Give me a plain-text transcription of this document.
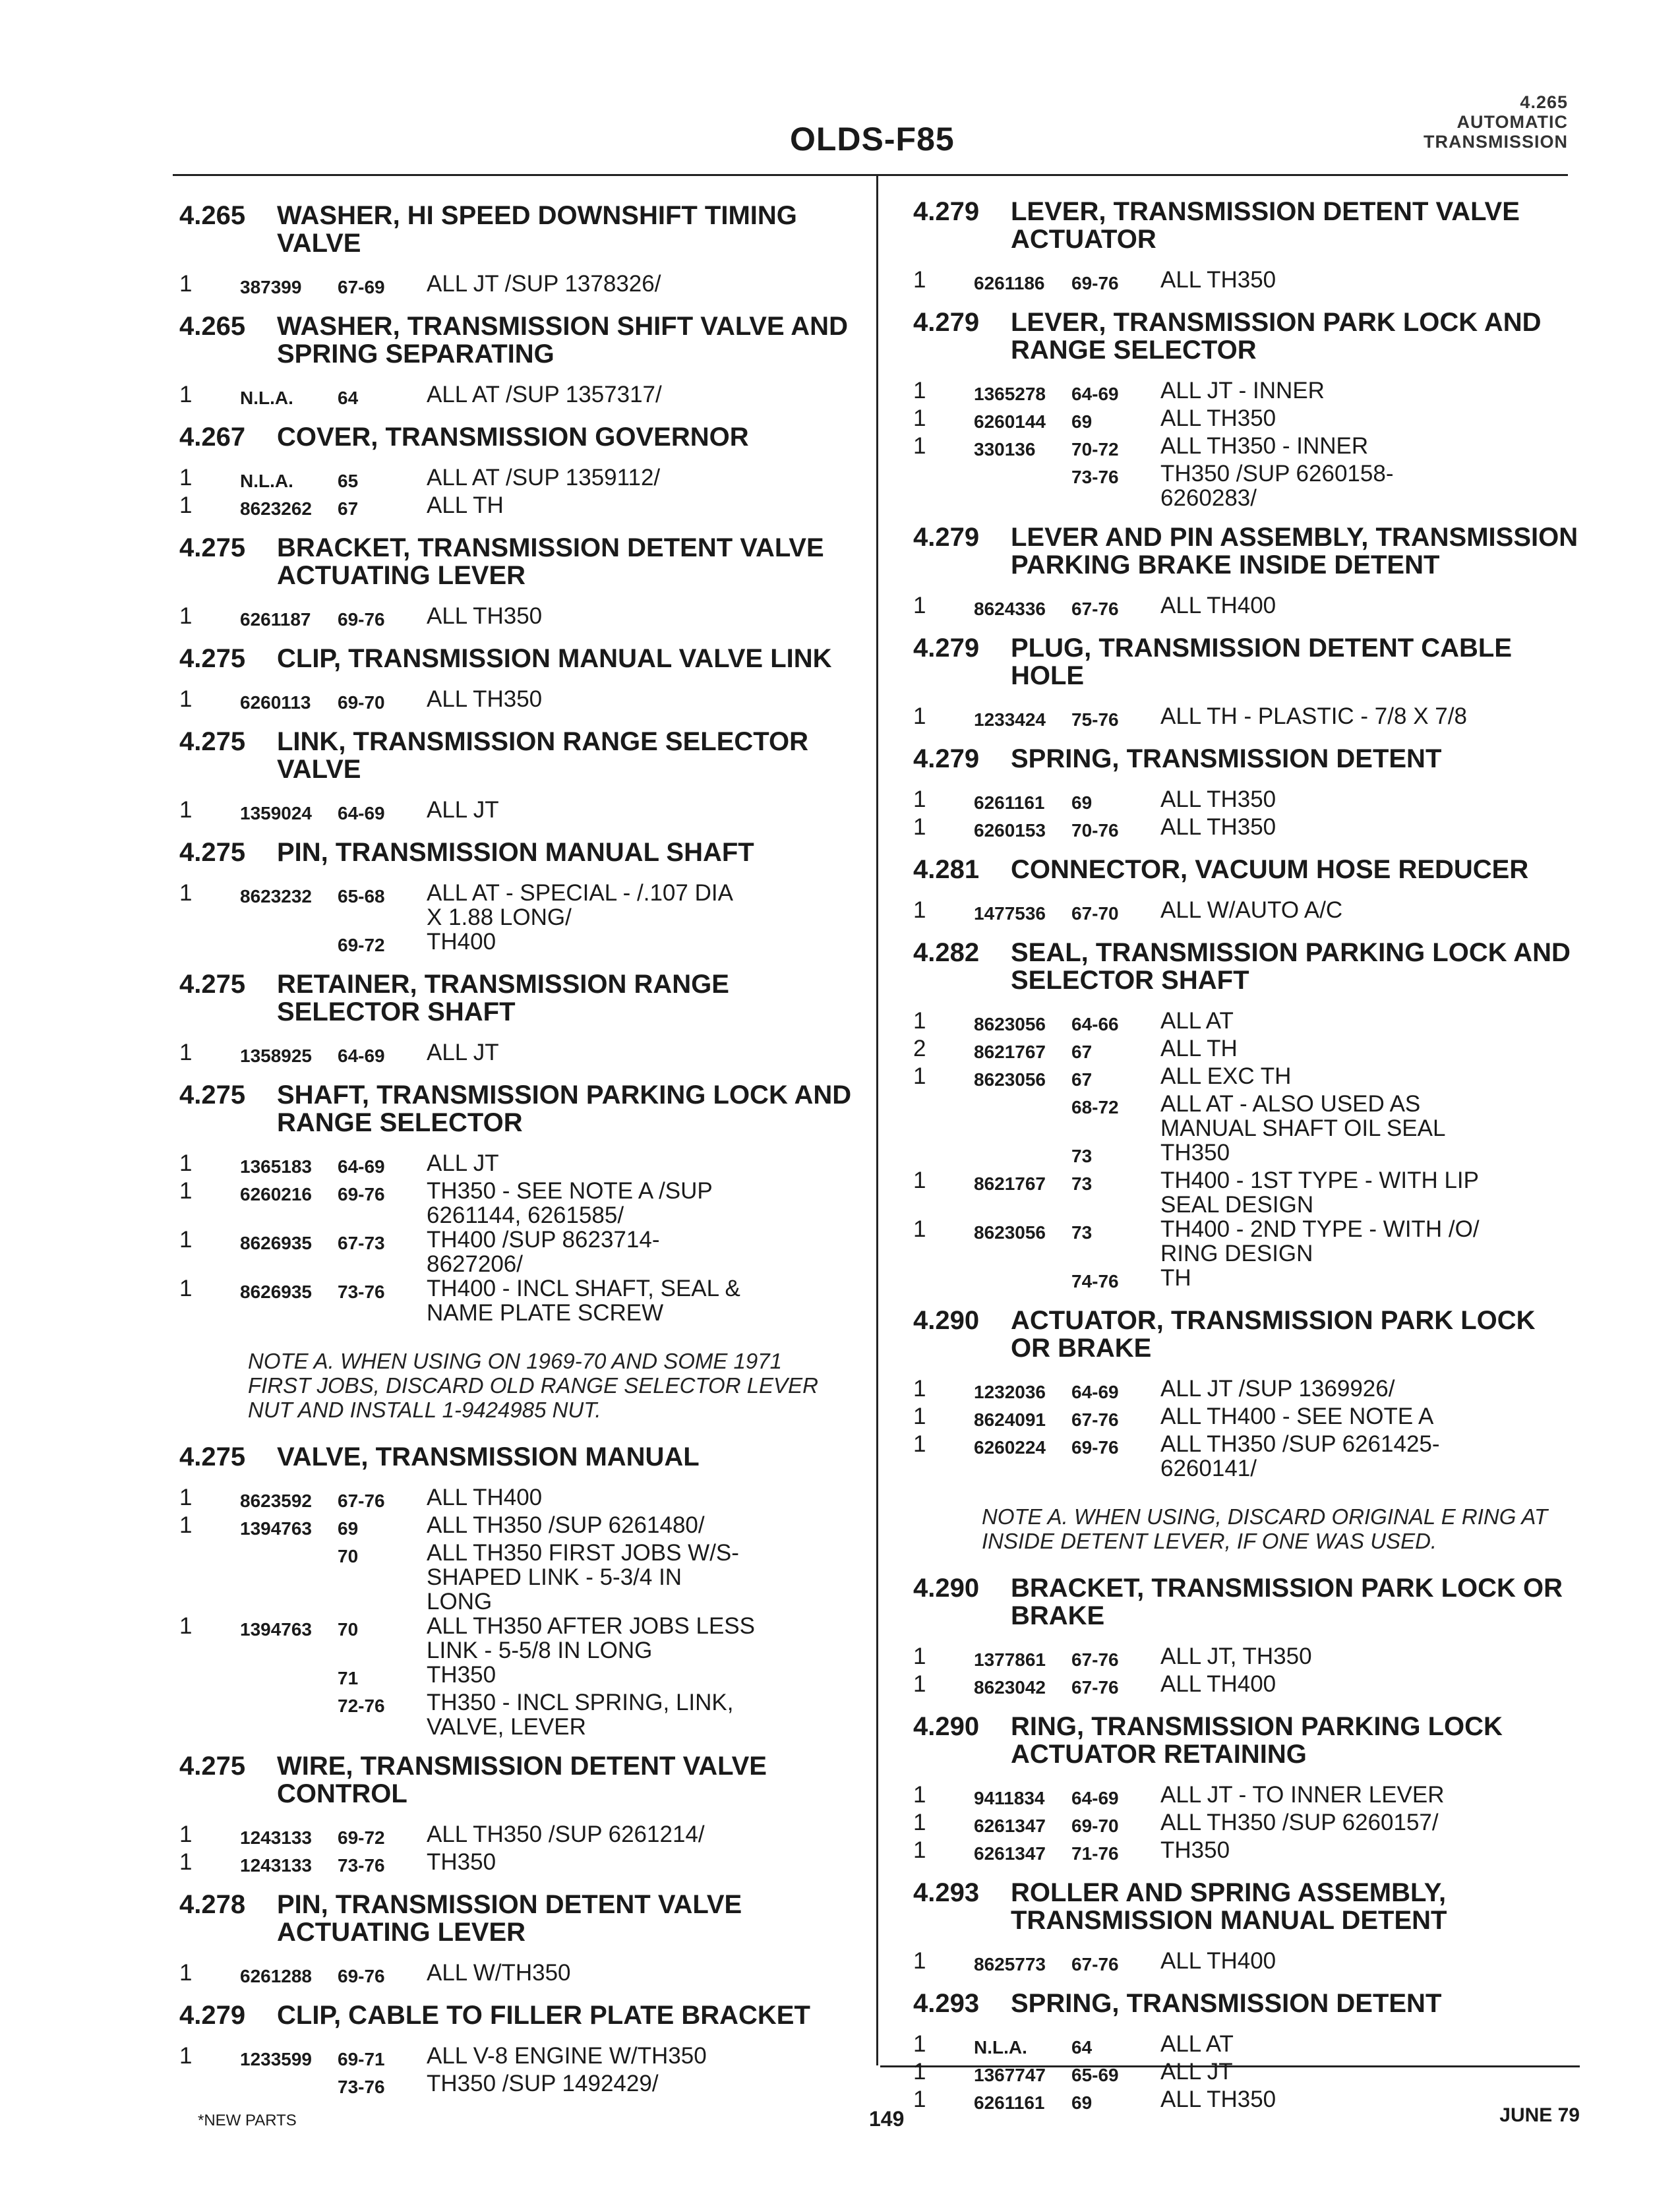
OLDS-F85
4.265
AUTOMATIC
TRANSMISSION
4.265	WASHER, HI SPEED DOWNSHIFT TIMING VALVE
1	387399	67-69	ALL JT /SUP 1378326/
4.265	WASHER, TRANSMISSION SHIFT VALVE AND SPRING SEPARATING
1	N.L.A.	64	ALL AT /SUP 1357317/
4.267	COVER, TRANSMISSION GOVERNOR
1	N.L.A.	65	ALL AT /SUP 1359112/
1	8623262	67	ALL TH
4.275	BRACKET, TRANSMISSION DETENT VALVE ACTUATING LEVER
1	6261187	69-76	ALL TH350
4.275	CLIP, TRANSMISSION MANUAL VALVE LINK
1	6260113	69-70	ALL TH350
4.275	LINK, TRANSMISSION RANGE SELECTOR VALVE
1	1359024	64-69	ALL JT
4.275	PIN, TRANSMISSION MANUAL SHAFT
1	8623232	65-68	ALL AT - SPECIAL - /.107 DIA
X 1.88 LONG/
69-72	TH400
4.275	RETAINER, TRANSMISSION RANGE SELECTOR SHAFT
1	1358925	64-69	ALL JT
4.275	SHAFT, TRANSMISSION PARKING LOCK AND RANGE SELECTOR
1	1365183	64-69	ALL JT
1	6260216	69-76	TH350 - SEE NOTE A /SUP
6261144, 6261585/
1	8626935	67-73	TH400 /SUP 8623714-
8627206/
1	8626935	73-76	TH400 - INCL SHAFT, SEAL &
NAME PLATE SCREW
NOTE A. WHEN USING ON 1969-70 AND SOME 1971
FIRST JOBS, DISCARD OLD RANGE SELECTOR LEVER
NUT AND INSTALL 1-9424985 NUT.
4.275	VALVE, TRANSMISSION MANUAL
1	8623592	67-76	ALL TH400
1	1394763	69	ALL TH350 /SUP 6261480/
70	ALL TH350 FIRST JOBS W/S-
SHAPED LINK - 5-3/4 IN
LONG
1	1394763	70	ALL TH350 AFTER JOBS LESS
LINK - 5-5/8 IN LONG
71	TH350
72-76	TH350 - INCL SPRING, LINK,
VALVE, LEVER
4.275	WIRE, TRANSMISSION DETENT VALVE CONTROL
1	1243133	69-72	ALL TH350 /SUP 6261214/
1	1243133	73-76	TH350
4.278	PIN, TRANSMISSION DETENT VALVE ACTUATING LEVER
1	6261288	69-76	ALL W/TH350
4.279	CLIP, CABLE TO FILLER PLATE BRACKET
1	1233599	69-71	ALL V-8 ENGINE W/TH350
73-76	TH350 /SUP 1492429/
4.279	LEVER, TRANSMISSION DETENT VALVE ACTUATOR
1	6261186	69-76	ALL TH350
4.279	LEVER, TRANSMISSION PARK LOCK AND RANGE SELECTOR
1	1365278	64-69	ALL JT - INNER
1	6260144	69	ALL TH350
1	330136	70-72	ALL TH350 - INNER
73-76	TH350 /SUP 6260158-
6260283/
4.279	LEVER AND PIN ASSEMBLY, TRANSMISSION PARKING BRAKE INSIDE DETENT
1	8624336	67-76	ALL TH400
4.279	PLUG, TRANSMISSION DETENT CABLE HOLE
1	1233424	75-76	ALL TH - PLASTIC - 7/8 X 7/8
4.279	SPRING, TRANSMISSION DETENT
1	6261161	69	ALL TH350
1	6260153	70-76	ALL TH350
4.281	CONNECTOR, VACUUM HOSE REDUCER
1	1477536	67-70	ALL W/AUTO A/C
4.282	SEAL, TRANSMISSION PARKING LOCK AND SELECTOR SHAFT
1	8623056	64-66	ALL AT
2	8621767	67	ALL TH
1	8623056	67	ALL EXC TH
68-72	ALL AT - ALSO USED AS
MANUAL SHAFT OIL SEAL
73	TH350
1	8621767	73	TH400 - 1ST TYPE - WITH LIP
SEAL DESIGN
1	8623056	73	TH400 - 2ND TYPE - WITH /O/
RING DESIGN
74-76	TH
4.290	ACTUATOR, TRANSMISSION PARK LOCK OR BRAKE
1	1232036	64-69	ALL JT /SUP 1369926/
1	8624091	67-76	ALL TH400 - SEE NOTE A
1	6260224	69-76	ALL TH350 /SUP 6261425-
6260141/
NOTE A. WHEN USING, DISCARD ORIGINAL E RING AT
INSIDE DETENT LEVER, IF ONE WAS USED.
4.290	BRACKET, TRANSMISSION PARK LOCK OR BRAKE
1	1377861	67-76	ALL JT, TH350
1	8623042	67-76	ALL TH400
4.290	RING, TRANSMISSION PARKING LOCK ACTUATOR RETAINING
1	9411834	64-69	ALL JT - TO INNER LEVER
1	6261347	69-70	ALL TH350 /SUP 6260157/
1	6261347	71-76	TH350
4.293	ROLLER AND SPRING ASSEMBLY, TRANSMISSION MANUAL DETENT
1	8625773	67-76	ALL TH400
4.293	SPRING, TRANSMISSION DETENT
1	N.L.A.	64	ALL AT
1	1367747	65-69	ALL JT
1	6261161	69	ALL TH350
*NEW PARTS	149	JUNE 79
